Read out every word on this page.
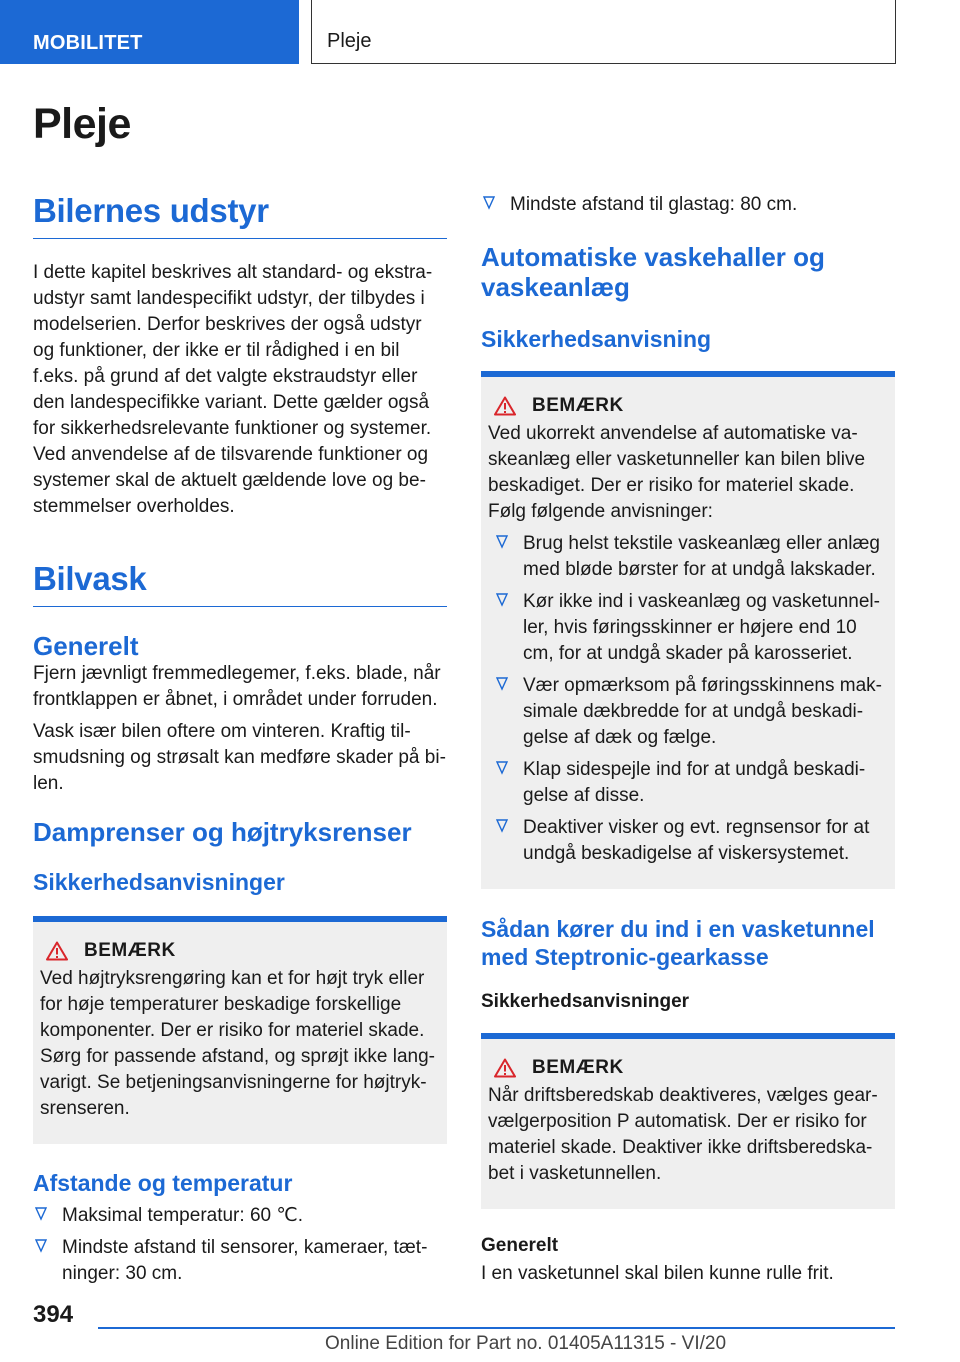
MOBILITET	Pleje
Pleje
Bilernes udstyr

I dette kapitel beskrives alt standard- og ekstraudstyr samt landespecifikt udstyr, der tilbydes i modelserien. Derfor beskrives der også udstyr og funktioner, der ikke er til rådighed i en bil f.eks. på grund af det valgte ekstraudstyr eller den landespecifikke variant. Dette gælder også for sikkerhedsrelevante funktioner og systemer. Ved anvendelse af de tilsvarende funktioner og systemer skal de aktuelt gældende love og bestemmelser overholdes.

Bilvask
Generelt

Fjern jævnligt fremmedlegemer, f.eks. blade, når frontklappen er åbnet, i området under forruden.

Vask især bilen oftere om vinteren. Kraftig tilsmudsning og strøsalt kan medføre skader på bilen.

Damprenser og højtryksrenser
Sikkerhedsanvisninger
BEMÆRK

Ved højtryksrengøring kan et for højt tryk eller for høje temperaturer beskadige forskellige komponenter. Der er risiko for materiel skade. Sørg for passende afstand, og sprøjt ikke langvarigt. Se betjeningsanvisningerne for højtryksrenseren.

Afstande og temperatur
Maksimal temperatur: 60 ℃.
Mindste afstand til sensorer, kameraer, tætninger: 30 cm.
Mindste afstand til glastag: 80 cm.
Automatiske vaskehaller og vaskeanlæg
Sikkerhedsanvisning
BEMÆRK

Ved ukorrekt anvendelse af automatiske vaskeanlæg eller vasketunneller kan bilen blive beskadiget. Der er risiko for materiel skade. Følg følgende anvisninger:

Brug helst tekstile vaskeanlæg eller anlæg med bløde børster for at undgå lakskader.
Kør ikke ind i vaskeanlæg og vasketunneller, hvis føringsskinner er højere end 10 cm, for at undgå skader på karosseriet.
Vær opmærksom på føringsskinnens maksimale dækbredde for at undgå beskadigelse af dæk og fælge.
Klap sidespejle ind for at undgå beskadigelse af disse.
Deaktiver visker og evt. regnsensor for at undgå beskadigelse af viskersystemet.
Sådan kører du ind i en vasketunnel med Steptronic-gearkasse
Sikkerhedsanvisninger
BEMÆRK

Når driftsberedskab deaktiveres, vælges gearvælgerposition P automatisk. Der er risiko for materiel skade. Deaktiver ikke driftsberedskabet i vasketunnellen.

Generelt

I en vasketunnel skal bilen kunne rulle frit.

394
Online Edition for Part no. 01405A11315 - VI/20
